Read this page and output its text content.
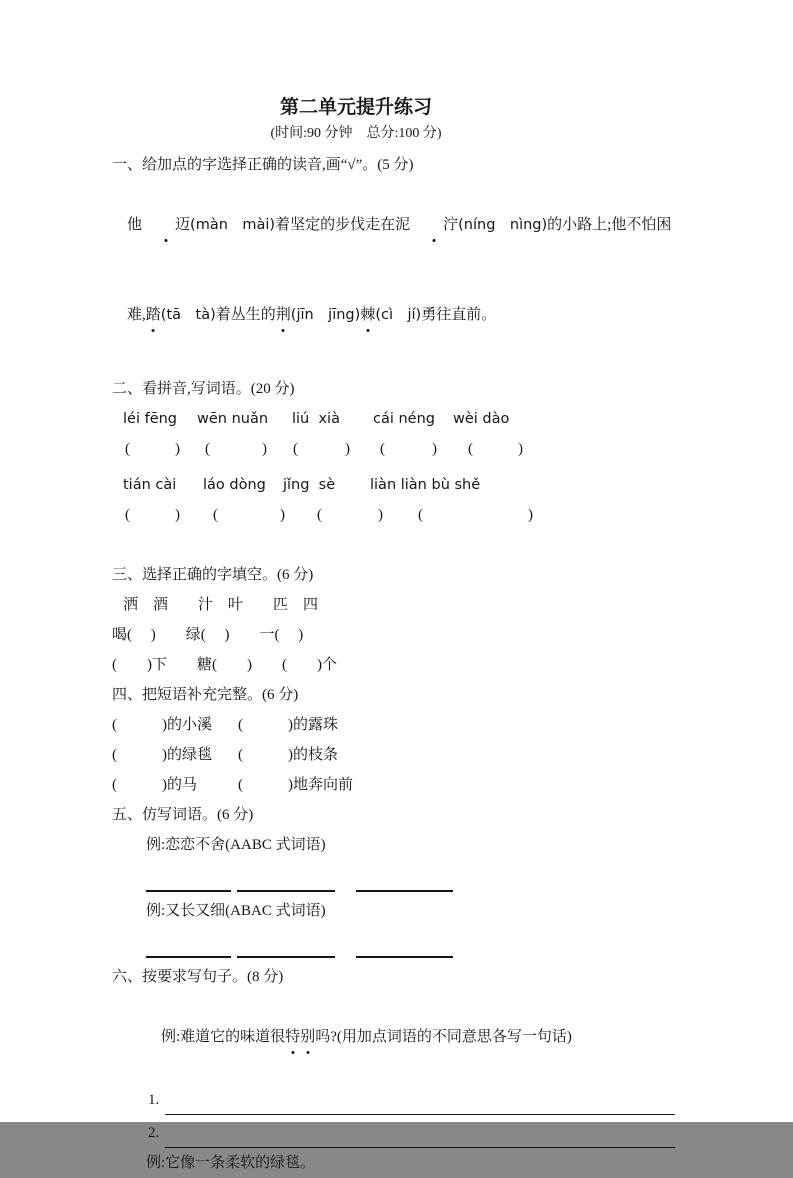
第二单元提升练习
(时间:90 分钟　总分:100 分)
一、给加点的字选择正确的读音,画“√”。(5 分)

他 迈(màn　mài)着坚定的步伐走在泥 泞(níng　nìng)的小路上;他不怕困

难,踏(tā　tà)着丛生的荆(jīn　jīng)棘(cì　jí)勇往直前。

二、看拼音,写词语。(20 分)
léi fēng wēn nuǎn liú  xià cái néng wèi dào
(	) (	) (	) (	) (	)
tián cài láo dòng jǐng  sè liàn liàn bù shě
(	) (	) (	) (	)
三、选择正确的字填空。(6 分)
洒　酒　　汁　叶　　匹　四
喝(　 )　　绿(　 )　　一(　 )
(　　)下　　糖(　　)　　(　　)个
四、把短语补充完整。(6 分)
(　　　)的小溪	(　　　)的露珠
(　　　)的绿毯	(　　　)的枝条
(　　　)的马	(　　　)地奔向前
五、仿写词语。(6 分)
例:恋恋不舍(AABC 式词语)
例:又长又细(ABAC 式词语)
六、按要求写句子。(8 分)

例:难道它的味道很特别吗?(用加点词语的不同意思各写一句话)

1.
2.
例:它像一条柔软的绿毯。
